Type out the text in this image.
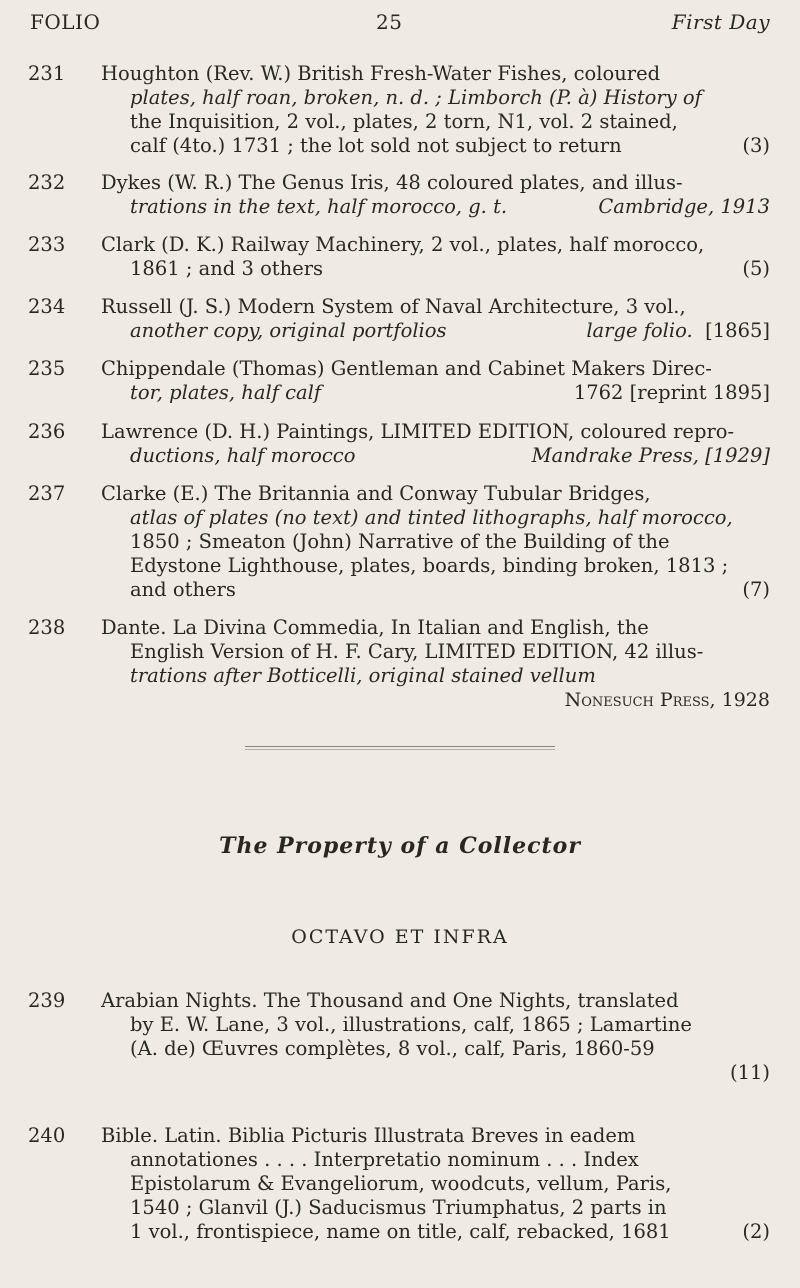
FOLIO	25	First Day
231 Houghton (Rev. W.) British Fresh-Water Fishes, coloured
plates, half roan, broken, n. d. ; Limborch (P. à) History of
the Inquisition, 2 vol., plates, 2 torn, N1, vol. 2 stained,
calf (4to.) 1731 ; the lot sold not subject to return	(3)
232 Dykes (W. R.) The Genus Iris, 48 coloured plates, and illus-
trations in the text, half morocco, g. t.	Cambridge, 1913
233 Clark (D. K.) Railway Machinery, 2 vol., plates, half morocco,
1861 ; and 3 others	(5)
234 Russell (J. S.) Modern System of Naval Architecture, 3 vol.,
another copy, original portfolios	large folio. [1865]
235 Chippendale (Thomas) Gentleman and Cabinet Makers Direc-
tor, plates, half calf	1762 [reprint 1895]
236 Lawrence (D. H.) Paintings, LIMITED EDITION, coloured repro-
ductions, half morocco	Mandrake Press, [1929]
237 Clarke (E.) The Britannia and Conway Tubular Bridges,
atlas of plates (no text) and tinted lithographs, half morocco,
1850 ; Smeaton (John) Narrative of the Building of the
Edystone Lighthouse, plates, boards, binding broken, 1813 ;
and others	(7)
238 Dante. La Divina Commedia, In Italian and English, the
English Version of H. F. Cary, LIMITED EDITION, 42 illus-
trations after Botticelli, original stained vellum
Nonesuch Press, 1928
The Property of a Collector
OCTAVO ET INFRA
239 Arabian Nights. The Thousand and One Nights, translated
by E. W. Lane, 3 vol., illustrations, calf, 1865 ; Lamartine
(A. de) Œuvres complètes, 8 vol., calf, Paris, 1860-59
(11)
240 Bible. Latin. Biblia Picturis Illustrata Breves in eadem
annotationes . . . . Interpretatio nominum . . . Index
Epistolarum & Evangeliorum, woodcuts, vellum, Paris,
1540 ; Glanvil (J.) Saducismus Triumphatus, 2 parts in
1 vol., frontispiece, name on title, calf, rebacked, 1681	(2)
